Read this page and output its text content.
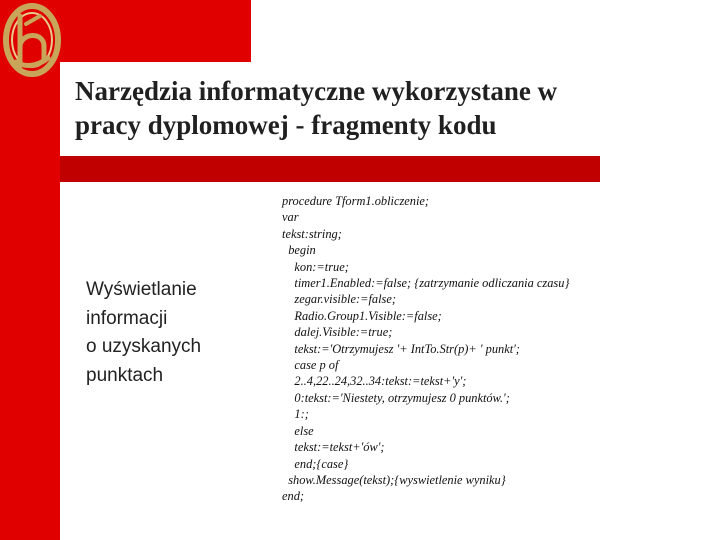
Narzędzia informatyczne wykorzystane w
pracy dyplomowej - fragmenty kodu
Wyświetlanie
informacji
o uzyskanych
punktach
procedure Tform1.obliczenie;
var
tekst:string;
begin
kon:=true;
timer1.Enabled:=false; {zatrzymanie odliczania czasu}
zegar.visible:=false;
Radio.Group1.Visible:=false;
dalej.Visible:=true;
tekst:='Otrzymujesz '+ IntTo.Str(p)+ ' punkt';
case p of
2..4,22..24,32..34:tekst:=tekst+'y';
0:tekst:='Niestety, otrzymujesz 0 punktów.';
1:;
else
tekst:=tekst+'ów';
end;{case}
show.Message(tekst);{wyswietlenie wyniku}
end;
